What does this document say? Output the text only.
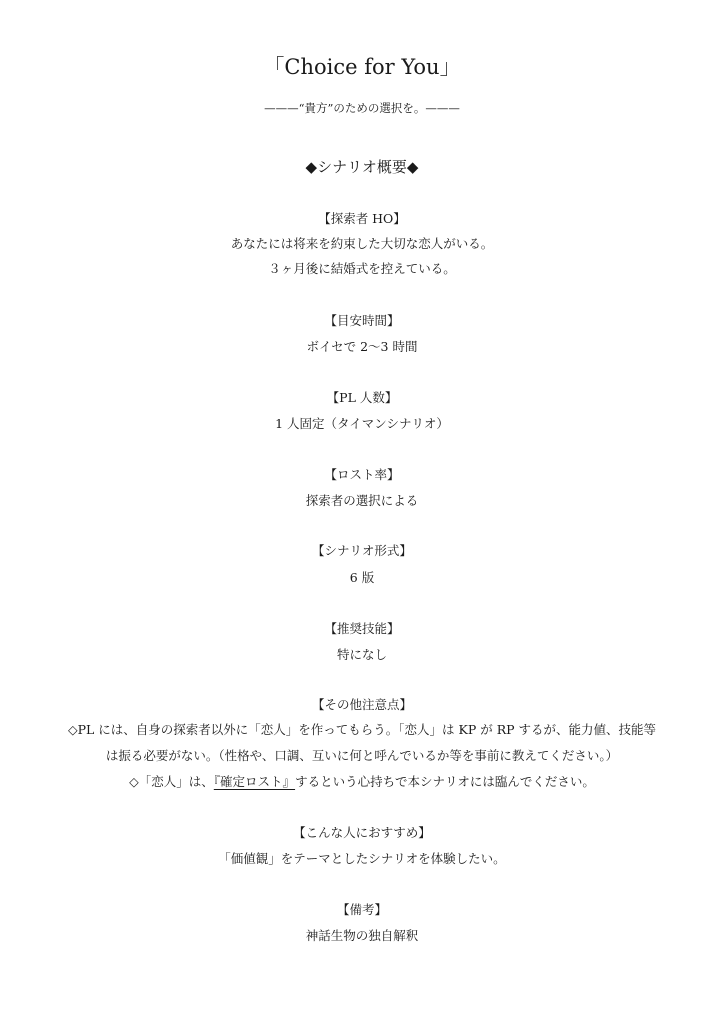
「Choice for You」
———“貴方”のための選択を。———
◆シナリオ概要◆
【探索者 HO】
あなたには将来を約束した大切な恋人がいる。
３ヶ月後に結婚式を控えている。
【目安時間】
ボイセで 2〜3 時間
【PL 人数】
1 人固定（タイマンシナリオ）
【ロスト率】
探索者の選択による
【シナリオ形式】
6 版
【推奨技能】
特になし
【その他注意点】
◇PL には、自身の探索者以外に「恋人」を作ってもらう。「恋人」は KP が RP するが、能力値、技能等
は振る必要がない。（性格や、口調、互いに何と呼んでいるか等を事前に教えてください。）
◇「恋人」は、『確定ロスト』するという心持ちで本シナリオには臨んでください。
【こんな人におすすめ】
「価値観」をテーマとしたシナリオを体験したい。
【備考】
神話生物の独自解釈
